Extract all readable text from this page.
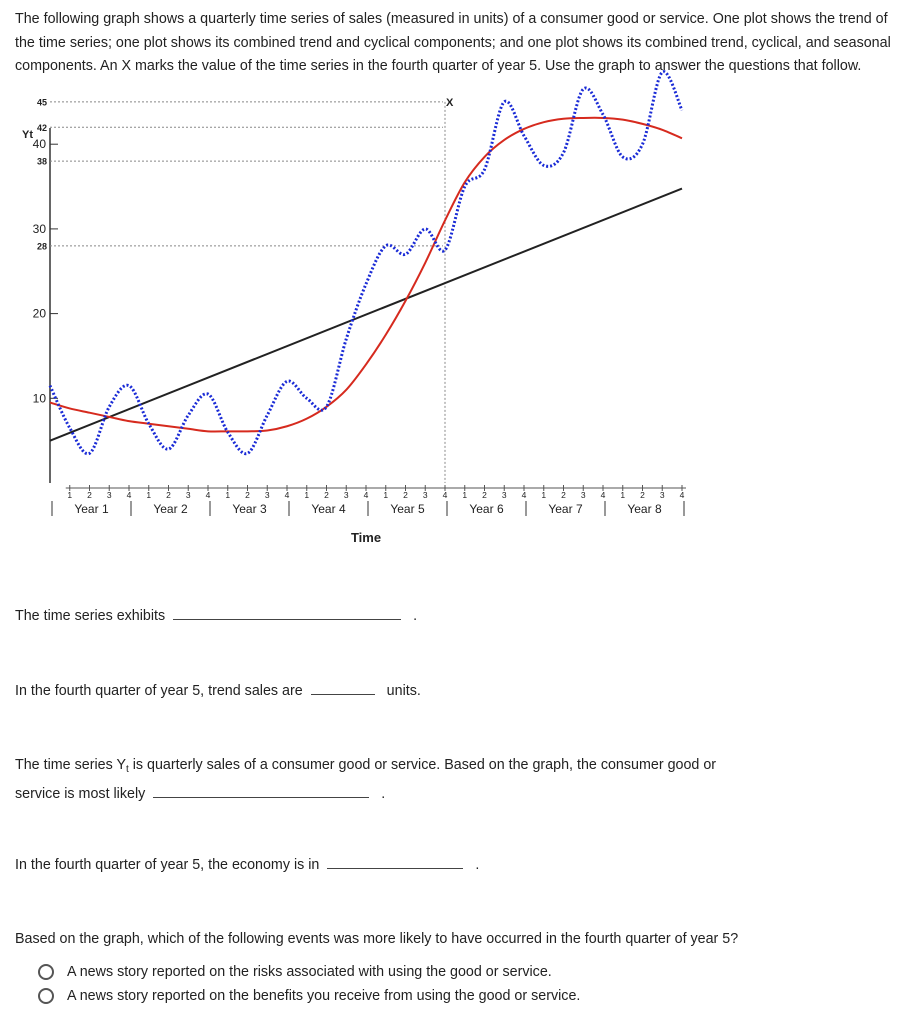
The following graph shows a quarterly time series of sales (measured in units) of a consumer good or service. One plot shows the trend of the time series; one plot shows its combined trend and cyclical components; and one plot shows its combined trend, cyclical, and seasonal components. An X marks the value of the time series in the fourth quarter of year 5. Use the graph to answer the questions that follow.

Yt
10
20
30
40
28
38
42
45	X
1 2 3 4 1 2 3 4 1 2 3 4 1 2 3 4 1 2 3 4 1 2 3 4 1 2 3 4 1 2 3 4
Year 1	Year 2	Year 3	Year 4	Year 5	Year 6	Year 7	Year 8
Time
The time series exhibits	.
In the fourth quarter of year 5, trend sales are	units.
The time series $Y_t$ is quarterly sales of a consumer good or service. Based on the graph, the consumer good or
service is most likely	.
In the fourth quarter of year 5, the economy is in	.
Based on the graph, which of the following events was more likely to have occurred in the fourth quarter of year 5?
A news story reported on the risks associated with using the good or service.
A news story reported on the benefits you receive from using the good or service.
